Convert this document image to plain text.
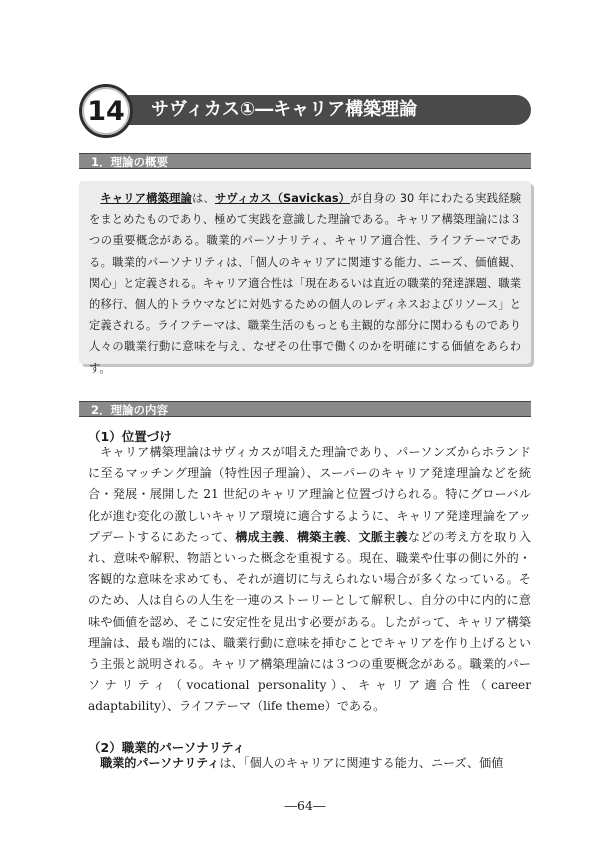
14	サヴィカス①―キャリア構築理論
1．理論の概要

キャリア構築理論は、サヴィカス（Savickas）が自身の 30 年にわたる実践経験をまとめたものであり、極めて実践を意識した理論である。キャリア構築理論には３つの重要概念がある。職業的パーソナリティ、キャリア適合性、ライフテーマである。職業的パーソナリティは、「個人のキャリアに関連する能力、ニーズ、価値観、関心」と定義される。キャリア適合性は「現在あるいは直近の職業的発達課題、職業的移行、個人的トラウマなどに対処するための個人のレディネスおよびリソース」と定義される。ライフテーマは、職業生活のもっとも主観的な部分に関わるものであり人々の職業行動に意味を与え、なぜその仕事で働くのかを明確にする価値をあらわす。

2．理論の内容
（1）位置づけ

キャリア構築理論はサヴィカスが唱えた理論であり、パーソンズからホランドに至るマッチング理論（特性因子理論）、スーパーのキャリア発達理論などを統合・発展・展開した 21 世紀のキャリア理論と位置づけられる。特にグローバル化が進む変化の激しいキャリア環境に適合するように、キャリア発達理論をアップデートするにあたって、構成主義、構築主義、文脈主義などの考え方を取り入れ、意味や解釈、物語といった概念を重視する。現在、職業や仕事の側に外的・客観的な意味を求めても、それが適切に与えられない場合が多くなっている。そのため、人は自らの人生を一連のストーリーとして解釈し、自分の中に内的に意味や価値を認め、そこに安定性を見出す必要がある。したがって、キャリア構築理論は、最も端的には、職業行動に意味を挿むことでキャリアを作り上げるという主張と説明される。キャリア構築理論には３つの重要概念がある。職業的パーソナリティ（vocational personality）、キャリア適合性（career adaptability）、ライフテーマ（life theme）である。

（2）職業的パーソナリティ

職業的パーソナリティは、「個人のキャリアに関連する能力、ニーズ、価値

―64―
